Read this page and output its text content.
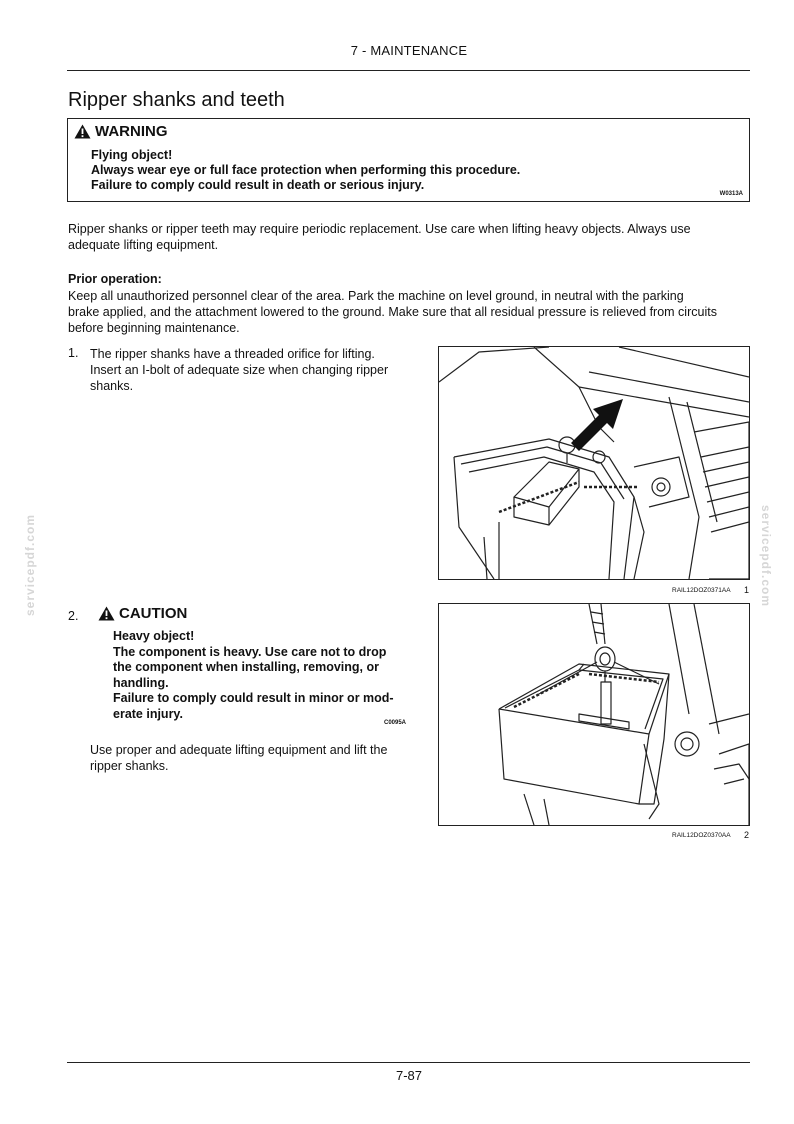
7 - MAINTENANCE
Ripper shanks and teeth
WARNING
Flying object!
Always wear eye or full face protection when performing this procedure.
Failure to comply could result in death or serious injury.
W0313A
Ripper shanks or ripper teeth may require periodic replacement. Use care when lifting heavy objects. Always use
adequate lifting equipment.
Prior operation:
Keep all unauthorized personnel clear of the area. Park the machine on level ground, in neutral with the parking
brake applied, and the attachment lowered to the ground. Make sure that all residual pressure is relieved from circuits
before beginning maintenance.
1. The ripper shanks have a threaded orifice for lifting.
Insert an I-bolt of adequate size when changing ripper
shanks.
RAIL12DOZ0371AA 1
2.	CAUTION
Heavy object!
The component is heavy. Use care not to drop
the component when installing, removing, or
handling.
Failure to comply could result in minor or mod-
erate injury.
C0095A
Use proper and adequate lifting equipment and lift the
ripper shanks.
RAIL12DOZ0370AA 2
7-87
servicepdf.com	servicepdf.com
